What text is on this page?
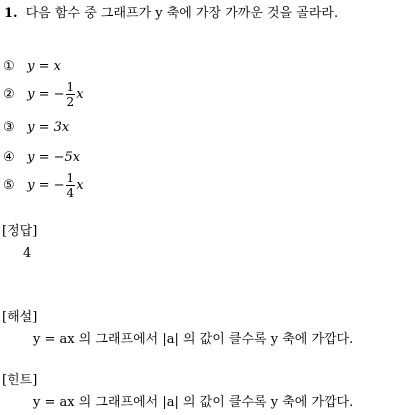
1. 다음 함수 중 그래프가 y 축에 가장 가까운 것을 골라라.
① y = x
② y = − $\frac{1}{2}$ x
③ y = 3x
④ y = −5x
⑤ y = − $\frac{1}{4}$ x
[정답]
4
[해설]
y = ax 의 그래프에서 |a| 의 값이 클수록 y 축에 가깝다.
[힌트]
y = ax 의 그래프에서 |a| 의 값이 클수록 y 축에 가깝다.
